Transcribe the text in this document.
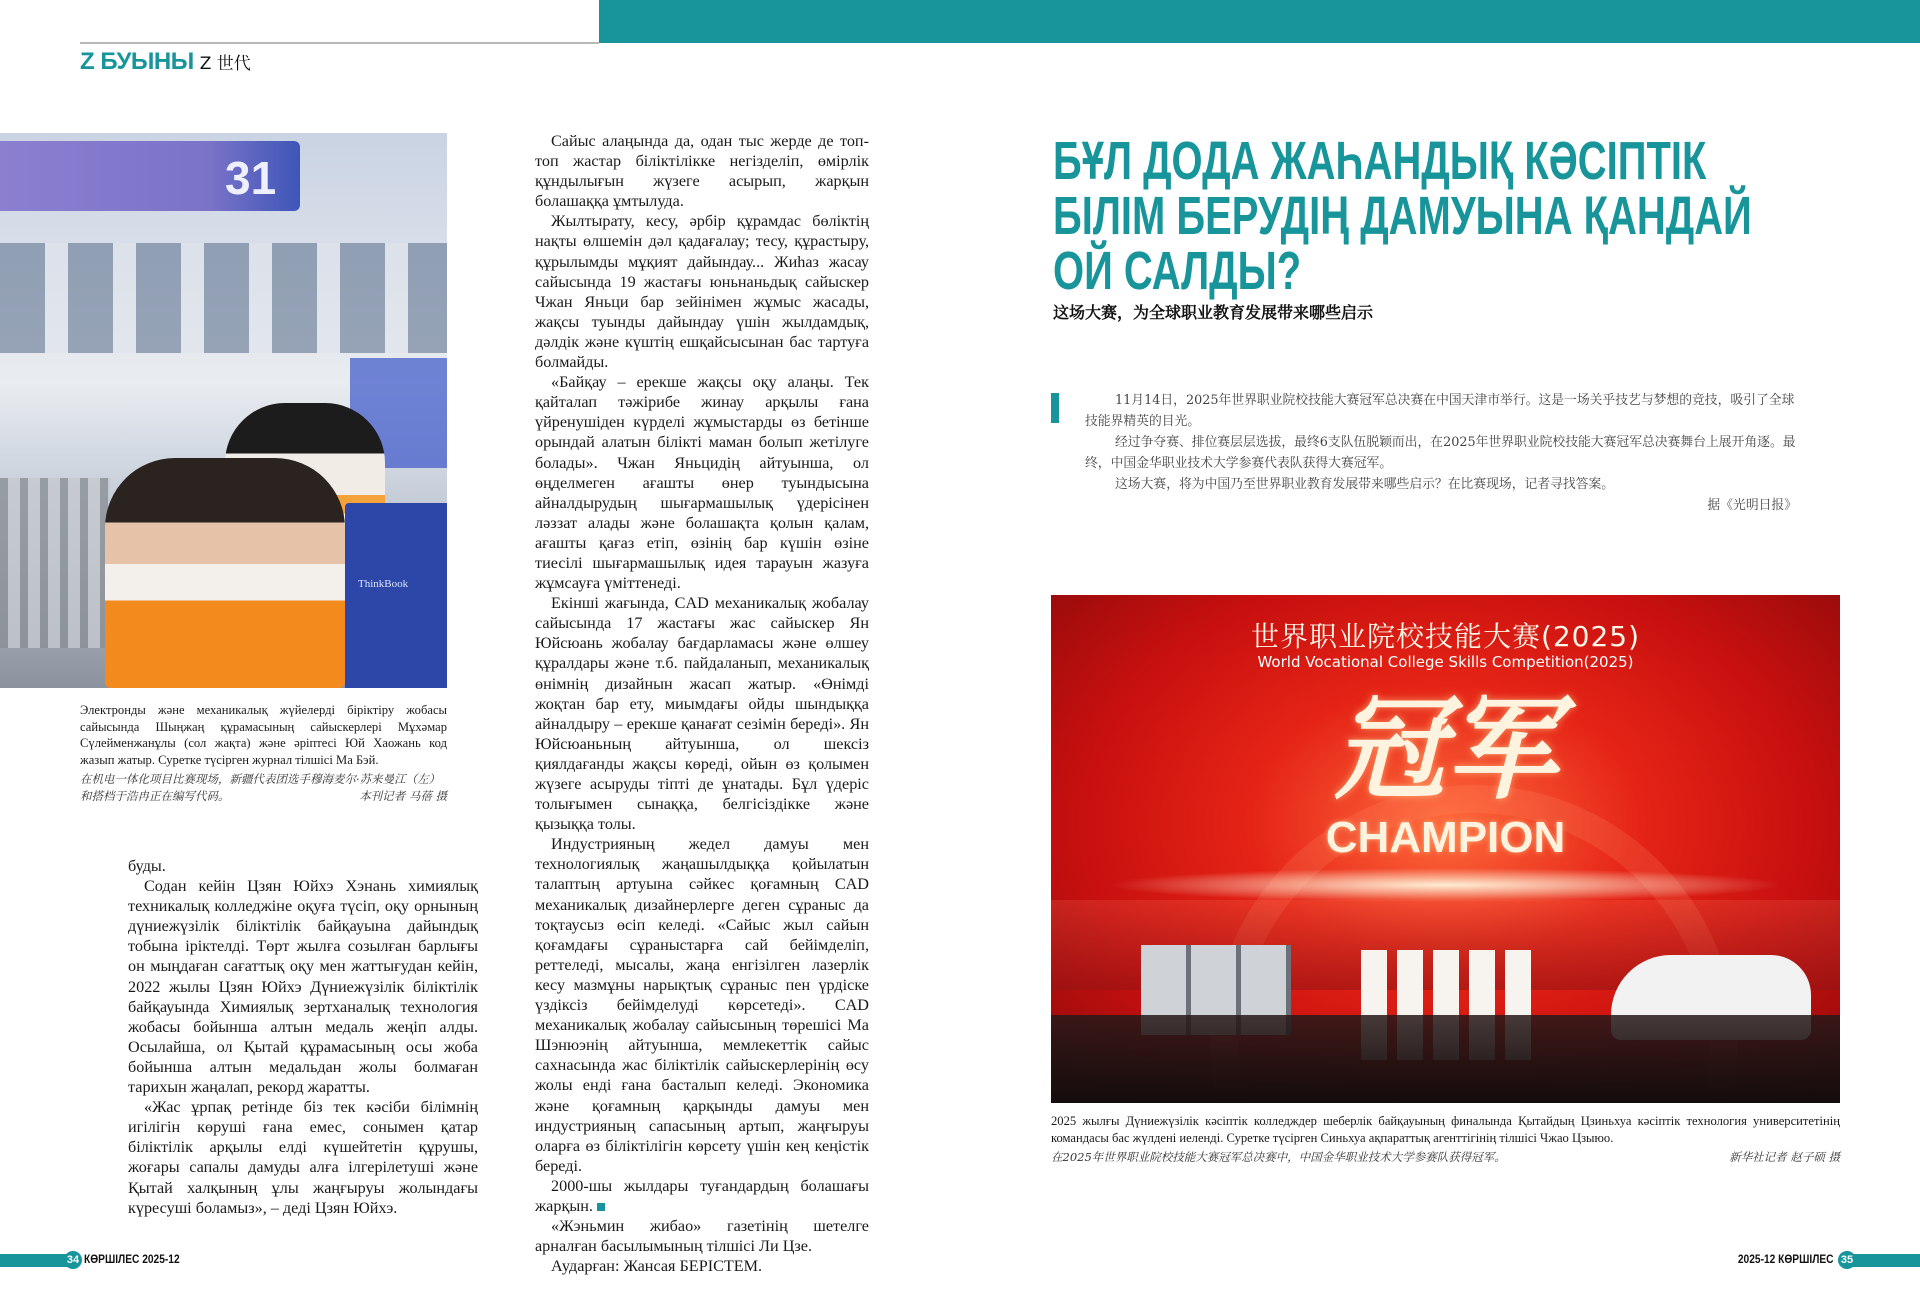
Z БУЫНЫ Z 世代
31
ThinkBook
Электронды және механикалық жүйелерді біріктіру жобасы сайысында Шыңжаң құрамасының сайыскерлері Мұхәмар Сүлейменжанұлы (сол жақта) және әріптесі Юй Хаожань код жазып жатыр. Суретке түсірген журнал тілшісі Ма Бэй.
在机电一体化项目比赛现场，新疆代表团选手穆海麦尔·苏来曼江（左）和搭档于浩冉正在编写代码。	本刊记者 马蓓 摄

буды.

Содан кейін Цзян Юйхэ Хэнань химиялық техникалық колледжіне оқуға түсіп, оқу орнының дүниежүзілік біліктілік байқауына дайындық тобына іріктелді. Төрт жылға созылған барлығы он мыңдаған сағаттық оқу мен жаттығудан кейін, 2022 жылы Цзян Юйхэ Дүниежүзілік біліктілік байқауында Химиялық зертханалық технология жобасы бойынша алтын медаль жеңіп алды. Осылайша, ол Қытай құрамасының осы жоба бойынша алтын медальдан жолы болмаған тарихын жаңалап, рекорд жаратты.

«Жас ұрпақ ретінде біз тек кәсіби білімнің игілігін көруші ғана емес, сонымен қатар біліктілік арқылы елді күшейтетін құрушы, жоғары сапалы дамуды алға ілгерілетуші және Қытай халқының ұлы жаңғыруы жолындағы күресуші боламыз», – деді Цзян Юйхэ.

Сайыс алаңында да, одан тыс жерде де топ-топ жастар біліктілікке негізделіп, өмірлік құндылығын жүзеге асырып, жарқын болашаққа ұмтылуда.

Жылтырату, кесу, әрбір құрамдас бөліктің нақты өлшемін дәл қадағалау; тесу, құрастыру, құрылымды мұқият дайындау... Жиһаз жасау сайысында 19 жастағы юньнаньдық сайыскер Чжан Яньци бар зейінімен жұмыс жасады, жақсы туынды дайындау үшін жылдамдық, дәлдік және күштің ешқайсысынан бас тартуға болмайды.

«Байқау – ерекше жақсы оқу алаңы. Тек қайталап тәжірибе жинау арқылы ғана үйренушіден күрделі жұмыстарды өз бетінше орындай алатын білікті маман болып жетілуге болады». Чжан Яньцидің айтуынша, ол өңделмеген ағашты өнер туындысына айналдырудың шығармашылық үдерісінен ләззат алады және болашақта қолын қалам, ағашты қағаз етіп, өзінің бар күшін өзіне тиесілі шығармашылық идея тарауын жазуға жұмсауға үміттенеді.

Екінші жағында, CAD механикалық жобалау сайысында 17 жастағы жас сайыскер Ян Юйсюань жобалау бағдарламасы және өлшеу құралдары және т.б. пайдаланып, механикалық өнімнің дизайнын жасап жатыр. «Өнімді жоқтан бар ету, миымдағы ойды шындыққа айналдыру – ерекше қанағат сезімін береді». Ян Юйсюаньның айтуынша, ол шексіз қиялдағанды жақсы көреді, ойын өз қолымен жүзеге асыруды тіпті де ұнатады. Бұл үдеріс толығымен сынаққа, белгісіздікке және қызыққа толы.

Индустрияның жедел дамуы мен технологиялық жаңашылдыққа қойылатын талаптың артуына сәйкес қоғамның CAD механикалық дизайнерлерге деген сұраныс да тоқтаусыз өсіп келеді. «Сайыс жыл сайын қоғамдағы сұраныстарға сай бейімделіп, реттеледі, мысалы, жаңа енгізілген лазерлік кесу мазмұны нарықтық сұраныс пен үрдіске үздіксіз бейімделуді көрсетеді». CAD механикалық жобалау сайысының төрешісі Ма Шэнюэнің айтуынша, мемлекеттік сайыс сахнасында жас біліктілік сайыскерлерінің өсу жолы енді ғана басталып келеді. Экономика және қоғамның қарқынды дамуы мен индустрияның сапасының артып, жаңғыруы оларға өз біліктілігін көрсету үшін кең кеңістік береді.

2000-шы жылдары туғандардың болашағы жарқын.

«Жэньмин жибао» газетінің шетелге арналған басылымының тілшісі Ли Цзе.

Аударған: Жансая БЕРІСТЕМ.

БҰЛ ДОДА ЖАҺАНДЫҚ КӘСІПТІК
БІЛІМ БЕРУДІҢ ДАМУЫНА ҚАНДАЙ
ОЙ САЛДЫ?
这场大赛，为全球职业教育发展带来哪些启示

11月14日，2025年世界职业院校技能大赛冠军总决赛在中国天津市举行。这是一场关乎技艺与梦想的竞技，吸引了全球技能界精英的目光。

经过争夺赛、排位赛层层选拔，最终6支队伍脱颖而出，在2025年世界职业院校技能大赛冠军总决赛舞台上展开角逐。最终，中国金华职业技术大学参赛代表队获得大赛冠军。

这场大赛，将为中国乃至世界职业教育发展带来哪些启示？在比赛现场，记者寻找答案。

据《光明日报》

世界职业院校技能大赛(2025)
World Vocational College Skills Competition(2025)
冠军
CHAMPION
2025 жылғы Дүниежүзілік кәсіптік колледждер шеберлік байқауының финалында Қытайдың Цзиньхуа кәсіптік технология университетінің командасы бас жүлдені иеленді. Суретке түсірген Синьхуа ақпараттық агенттігінің тілшісі Чжао Цзыюо.
在2025年世界职业院校技能大赛冠军总决赛中，中国金华职业技术大学参赛队获得冠军。	新华社记者 赵子硕 摄
34 КӨРШІЛЕС 2025-12	35
2025-12 КӨРШІЛЕС
